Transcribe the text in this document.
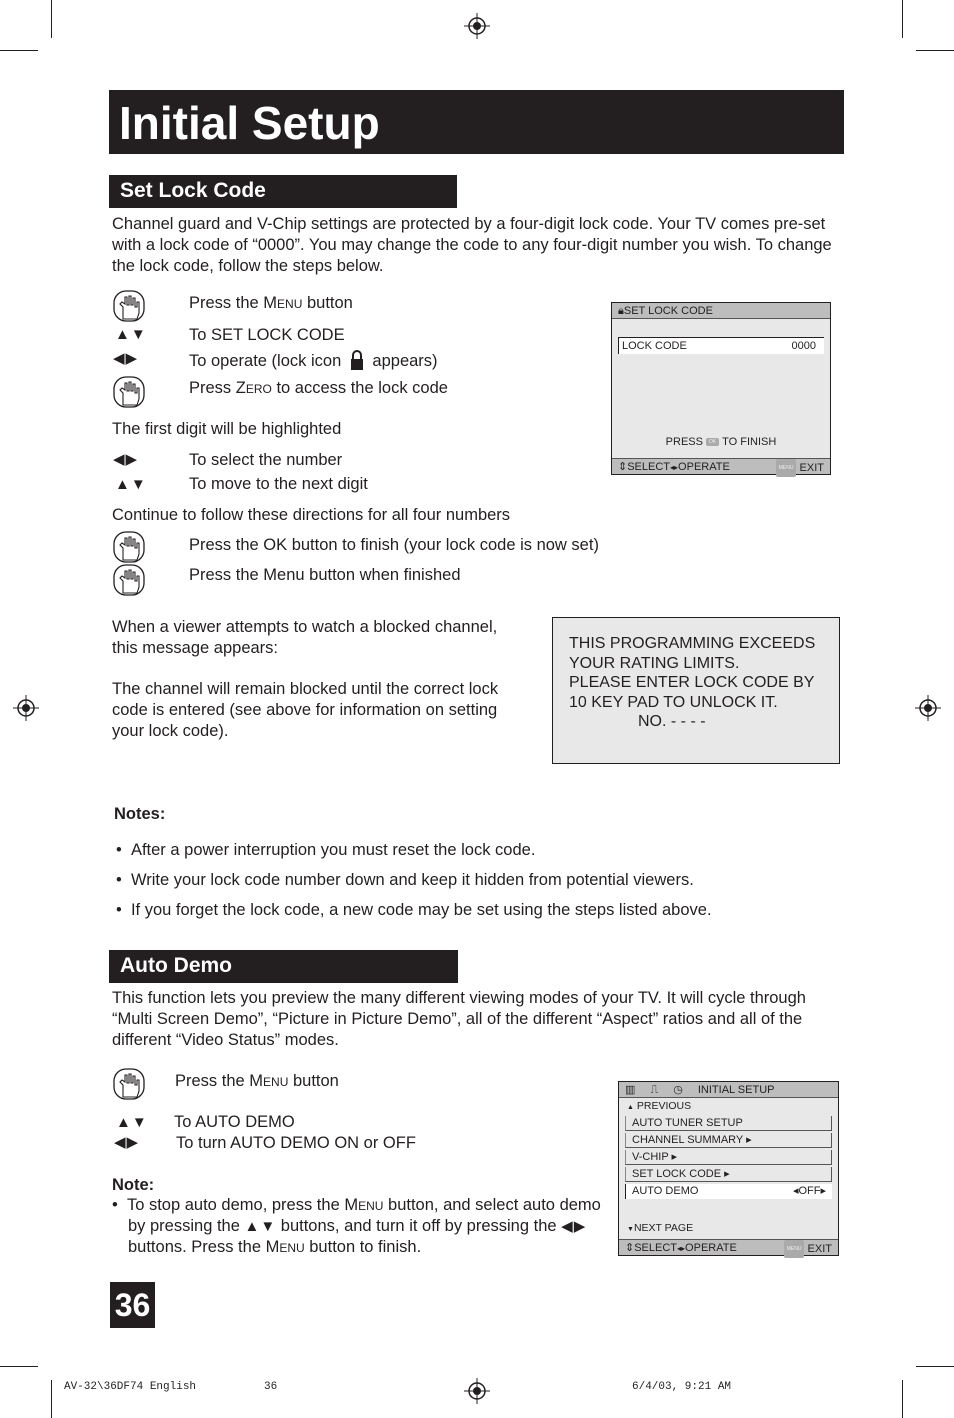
Initial Setup
Set Lock Code
Channel guard and V-Chip settings are protected by a four-digit lock code. Your TV comes pre-set with a lock code of “0000”. You may change the code to any four-digit number you wish. To change the lock code, follow the steps below.
Press the Menu button
▲▼	To SET LOCK CODE
◀▶	To operate (lock icon  appears)
Press Zero to access the lock code
The first digit will be highlighted
◀▶	To select the number
▲▼	To move to the next digit
Continue to follow these directions for all four numbers
Press the OK button to finish (your lock code is now set)
Press the Menu button when finished
🔒︎SET LOCK CODE
LOCK CODE	0000
PRESS OK TO FINISH
⇕SELECT◂▸OPERATE	MENU EXIT
When a viewer attempts to watch a blocked channel, this message appears:
The channel will remain blocked until the correct lock code is entered (see above for information on setting your lock code).
THIS PROGRAMMING EXCEEDS
YOUR RATING LIMITS.
PLEASE ENTER LOCK CODE BY
10 KEY PAD TO UNLOCK IT.
NO. - - - -
Notes:
•  After a power interruption you must reset the lock code.
•  Write your lock code number down and keep it hidden from potential viewers.
•  If you forget the lock code, a new code may be set using the steps listed above.
Auto Demo
This function lets you preview the many different viewing modes of your TV. It will cycle through “Multi Screen Demo”, “Picture in Picture Demo”, all of the different “Aspect” ratios and all of the different “Video Status” modes.
Press the Menu button
▲▼ To AUTO DEMO
◀▶ To turn AUTO DEMO ON or OFF
Note:
•  To stop auto demo, press the Menu button, and select auto demo by pressing the ▲▼ buttons, and turn it off by pressing the ◀▶ buttons. Press the Menu button to finish.
▥ ⎍ ◷ INITIAL SETUP
▲ PREVIOUS
AUTO TUNER SETUP
CHANNEL SUMMARY ▸
V-CHIP ▸
SET LOCK CODE ▸
AUTO DEMO	◂OFF▸
▼NEXT PAGE
⇕SELECT◂▸OPERATE	MENU EXIT
36
AV-32\36DF74 English	36	6/4/03, 9:21 AM
